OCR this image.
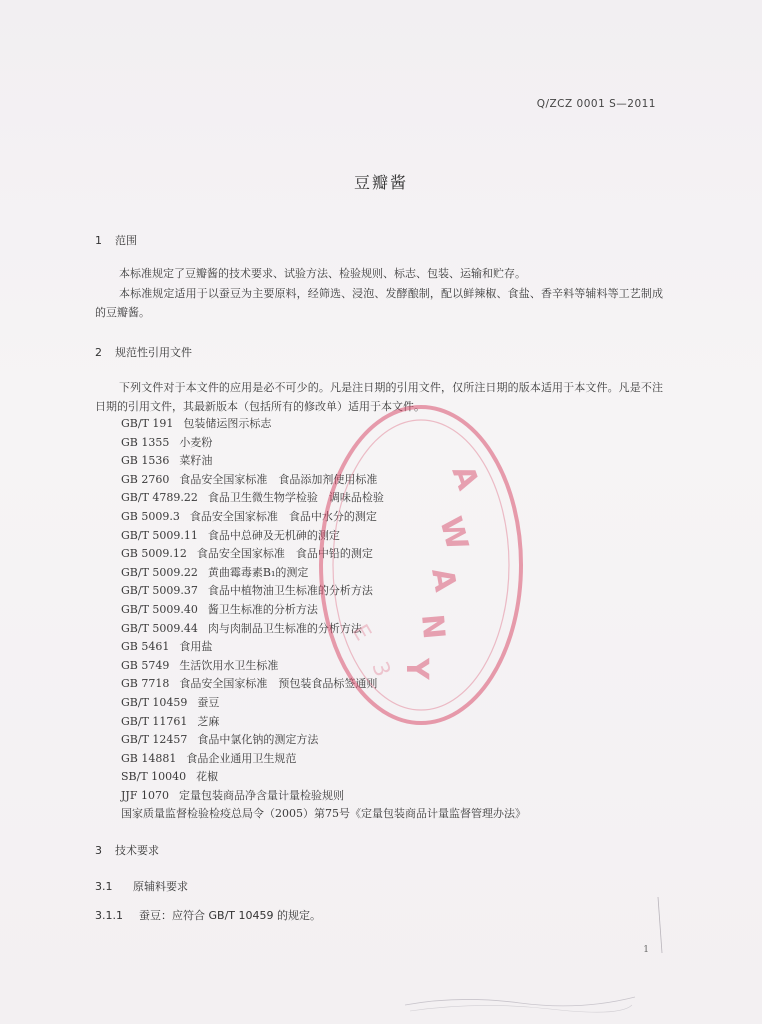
Q/ZCZ 0001 S—2011
豆瓣酱
1 范围
本标准规定了豆瓣酱的技术要求、试验方法、检验规则、标志、包装、运输和贮存。
本标准规定适用于以蚕豆为主要原料，经筛选、浸泡、发酵酿制，配以鲜辣椒、食盐、香辛料等辅料等工艺制成的豆瓣酱。
2 规范性引用文件
下列文件对于本文件的应用是必不可少的。凡是注日期的引用文件，仅所注日期的版本适用于本文件。凡是不注日期的引用文件，其最新版本（包括所有的修改单）适用于本文件。
GB/T 191 包装储运图示标志
GB 1355 小麦粉
GB 1536 菜籽油
GB 2760 食品安全国家标准　食品添加剂使用标准
GB/T 4789.22 食品卫生微生物学检验　调味品检验
GB 5009.3 食品安全国家标准　食品中水分的测定
GB/T 5009.11 食品中总砷及无机砷的测定
GB 5009.12 食品安全国家标准　食品中铅的测定
GB/T 5009.22 黄曲霉毒素B₁的测定
GB/T 5009.37 食品中植物油卫生标准的分析方法
GB/T 5009.40 酱卫生标准的分析方法
GB/T 5009.44 肉与肉制品卫生标准的分析方法
GB 5461 食用盐
GB 5749 生活饮用水卫生标准
GB 7718 食品安全国家标准　预包装食品标签通则
GB/T 10459 蚕豆
GB/T 11761 芝麻
GB/T 12457 食品中氯化钠的测定方法
GB 14881 食品企业通用卫生规范
SB/T 10040 花椒
JJF 1070 定量包装商品净含量计量检验规则
国家质量监督检验检疫总局令（2005）第75号《定量包装商品计量监督管理办法》
3 技术要求
3.1 原辅料要求
3.1.1 蚕豆：应符合 GB/T 10459 的规定。
1
A
W
A
N
Y
E
3
